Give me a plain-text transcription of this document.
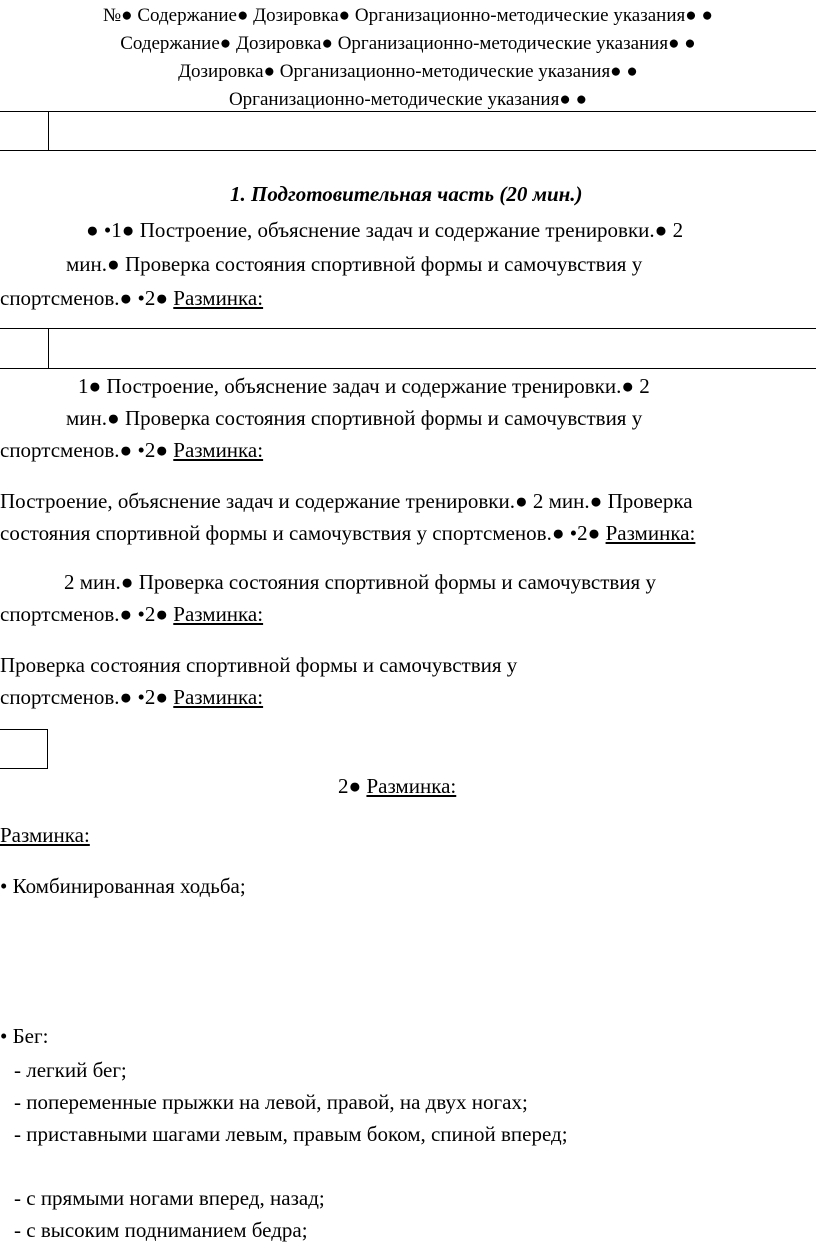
№● Содержание● Дозировка● Организационно-методические указания● ●
Содержание● Дозировка● Организационно-методические указания● ●
Дозировка● Организационно-методические указания● ●
Организационно-методические указания● ●
1. Подготовительная часть (20 мин.)
● •1● Построение, объяснение задач и содержание тренировки.● 2
мин.● Проверка состояния спортивной формы и самочувствия у
спортсменов.● •2● Разминка:
1● Построение, объяснение задач и содержание тренировки.● 2
мин.● Проверка состояния спортивной формы и самочувствия у
спортсменов.● •2● Разминка:
Построение, объяснение задач и содержание тренировки.● 2 мин.● Проверка
состояния спортивной формы и самочувствия у спортсменов.● •2● Разминка:
2 мин.● Проверка состояния спортивной формы и самочувствия у
спортсменов.● •2● Разминка:
Проверка состояния спортивной формы и самочувствия у
спортсменов.● •2● Разминка:
2● Разминка:
Разминка:
• Комбинированная ходьба;
• Бег:
- легкий бег;
- попеременные прыжки на левой, правой, на двух ногах;
- приставными шагами левым, правым боком, спиной вперед;
- с прямыми ногами вперед, назад;
- с высоким подниманием бедра;
